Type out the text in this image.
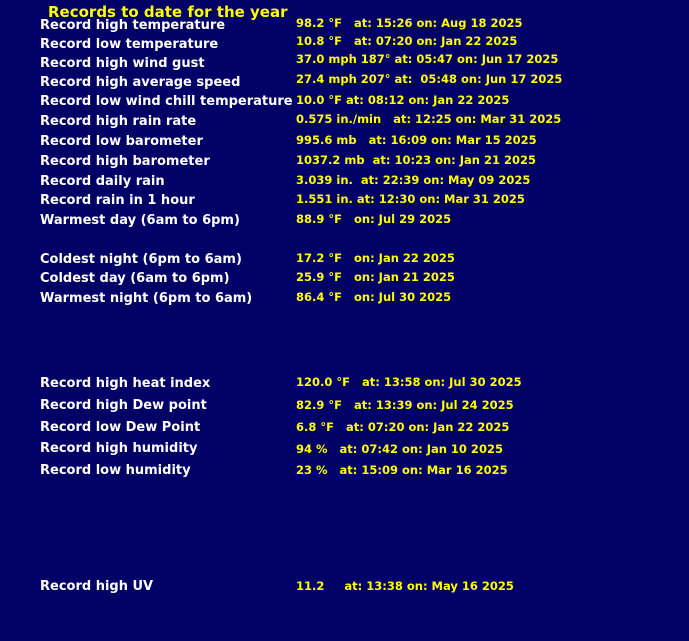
Records to date for the year
Record high temperature	98.2 °F   at: 15:26 on: Aug 18 2025
Record low temperature	10.8 °F   at: 07:20 on: Jan 22 2025
Record high wind gust	37.0 mph 187° at: 05:47 on: Jun 17 2025
Record high average speed	27.4 mph 207° at:  05:48 on: Jun 17 2025
Record low wind chill temperature 10.0 °F at: 08:12 on: Jan 22 2025
Record high rain rate	0.575 in./min   at: 12:25 on: Mar 31 2025
Record low barometer	995.6 mb   at: 16:09 on: Mar 15 2025
Record high barometer	1037.2 mb  at: 10:23 on: Jan 21 2025
Record daily rain	3.039 in.  at: 22:39 on: May 09 2025
Record rain in 1 hour	1.551 in. at: 12:30 on: Mar 31 2025
Warmest day (6am to 6pm)	88.9 °F   on: Jul 29 2025
Coldest night (6pm to 6am)	17.2 °F   on: Jan 22 2025
Coldest day (6am to 6pm)	25.9 °F   on: Jan 21 2025
Warmest night (6pm to 6am)	86.4 °F   on: Jul 30 2025
Record high heat index	120.0 °F   at: 13:58 on: Jul 30 2025
Record high Dew point	82.9 °F   at: 13:39 on: Jul 24 2025
Record low Dew Point	6.8 °F   at: 07:20 on: Jan 22 2025
Record high humidity	94 %   at: 07:42 on: Jan 10 2025
Record low humidity	23 %   at: 15:09 on: Mar 16 2025
Record high UV	11.2     at: 13:38 on: May 16 2025
